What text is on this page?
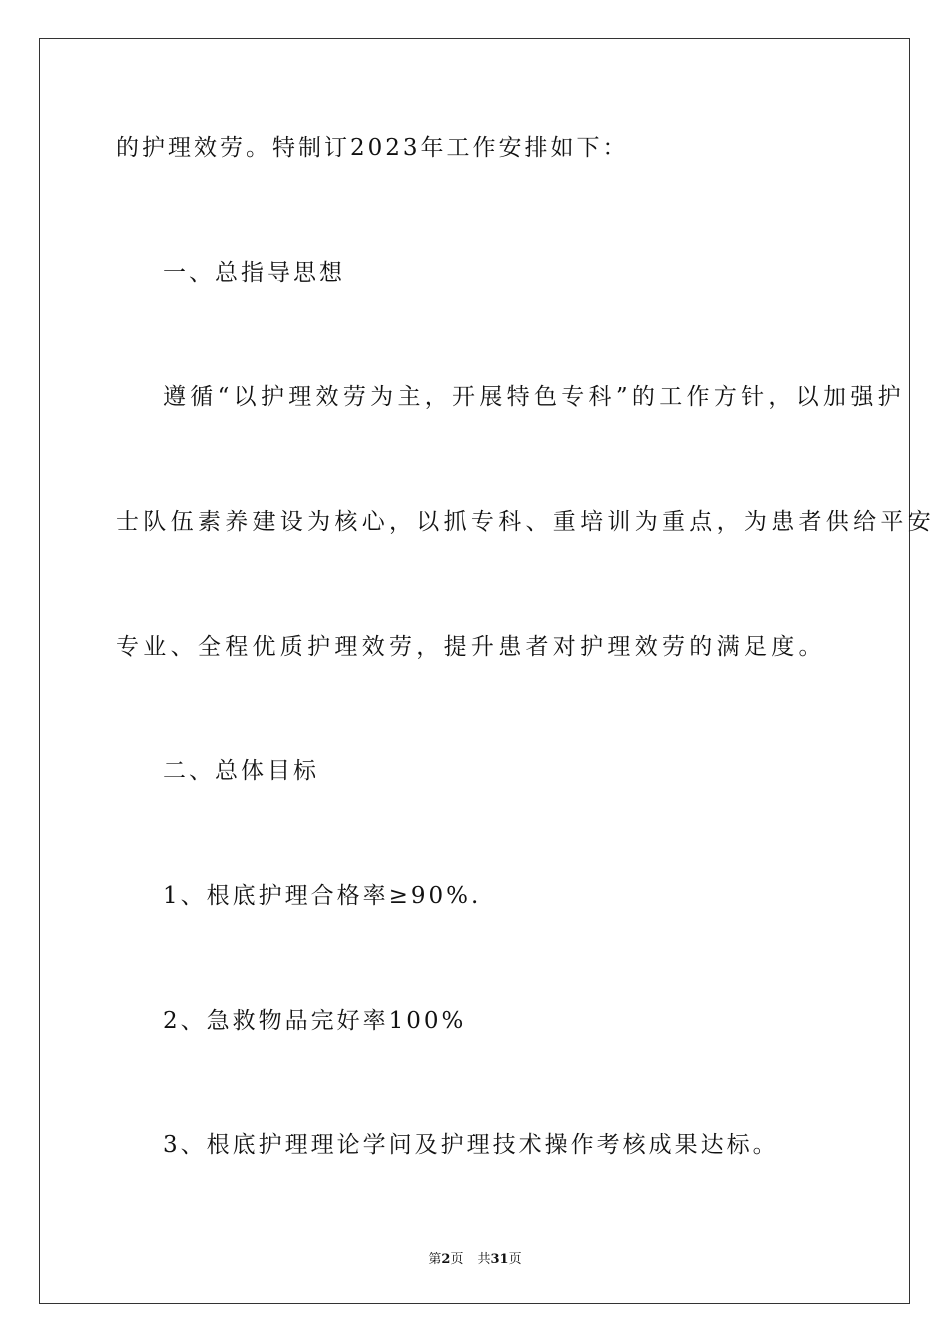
的护理效劳。特制订2023年工作安排如下：
一、总指导思想
遵循“以护理效劳为主，开展特色专科”的工作方针，以加强护
士队伍素养建设为核心，以抓专科、重培训为重点，为患者供给平安
专业、全程优质护理效劳，提升患者对护理效劳的满足度。
二、总体目标
1、根底护理合格率≥90%.
2、急救物品完好率100%
3、根底护理理论学问及护理技术操作考核成果达标。
第2页 共31页
